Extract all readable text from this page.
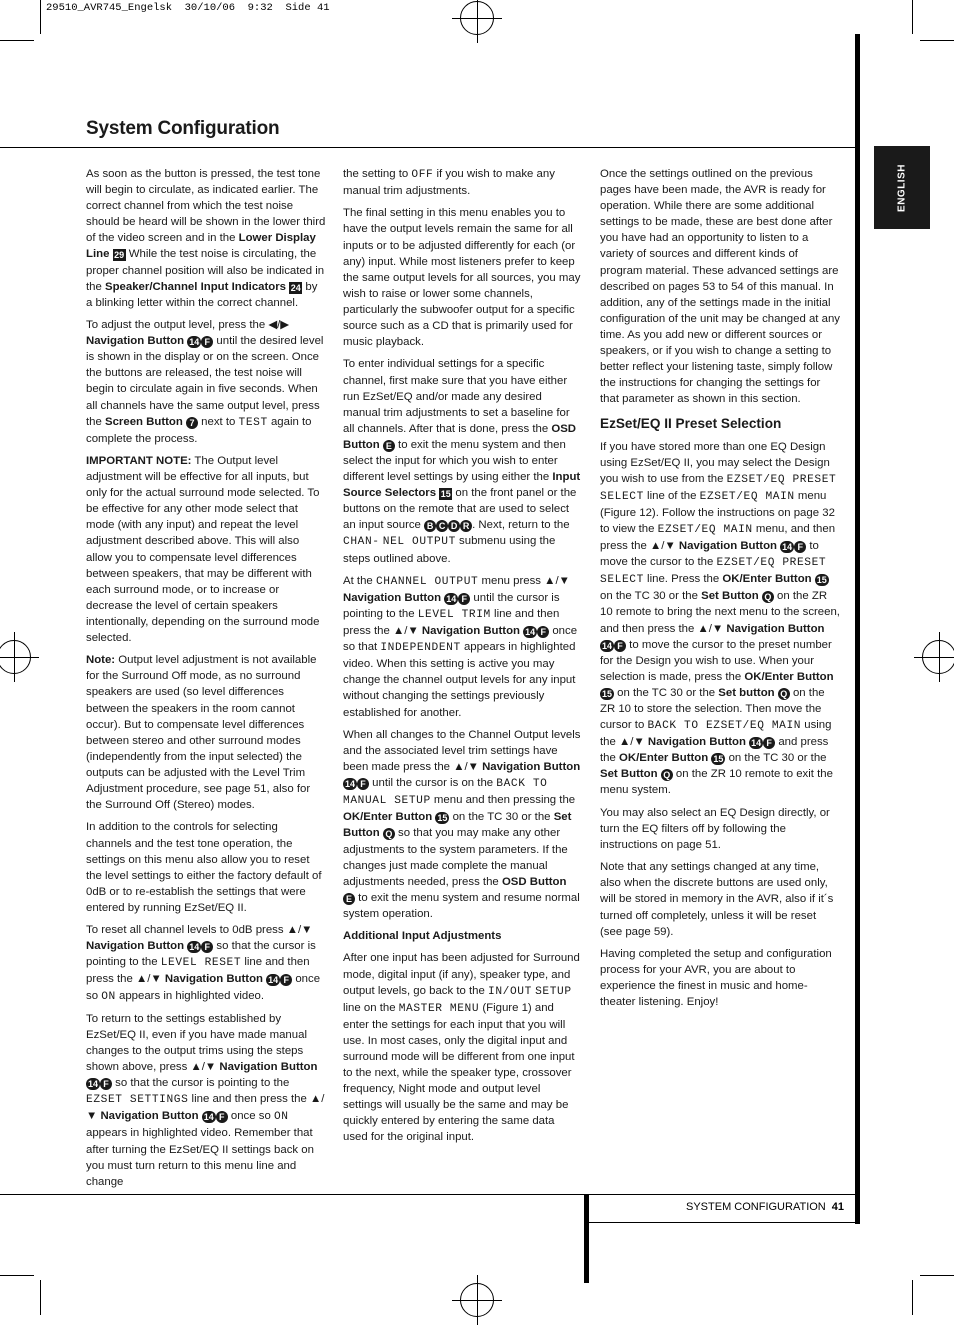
29510_AVR745_Engelsk  30/10/06  9:32  Side 41
System Configuration
ENGLISH
SYSTEM CONFIGURATION 41

As soon as the button is pressed, the test tone will begin to circulate, as indicated earlier. The correct channel from which the test noise should be heard will be shown in the lower third of the video screen and in the Lower Display Line 29 While the test noise is circulating, the proper channel position will also be indicated in the Speaker/Channel Input Indicators 24 by a blinking letter within the correct channel.

To adjust the output level, press the ◀/▶ Navigation Button 14 F until the desired level is shown in the display or on the screen. Once the buttons are released, the test noise will begin to circulate again in five seconds. When all channels have the same output level, press the Screen Button 7 next to TEST again to complete the process.

IMPORTANT NOTE: The Output level adjustment will be effective for all inputs, but only for the actual surround mode selected. To be effective for any other mode select that mode (with any input) and repeat the level adjustment described above. This will also allow you to compensate level differences between speakers, that may be different with each surround mode, or to increase or decrease the level of certain speakers intentionally, depending on the surround mode selected.

Note: Output level adjustment is not available for the Surround Off mode, as no surround speakers are used (so level differences between the speakers in the room cannot occur). But to compensate level differences between stereo and other surround modes (independently from the input selected) the outputs can be adjusted with the Level Trim Adjustment procedure, see page 51, also for the Surround Off (Stereo) modes.

In addition to the controls for selecting channels and the test tone operation, the settings on this menu also allow you to reset the level settings to either the factory default of 0dB or to re-establish the settings that were entered by running EzSet/EQ II.

To reset all channel levels to 0dB press ▲/▼ Navigation Button 14 F so that the cursor is pointing to the LEVEL RESET line and then press the ▲/▼ Navigation Button 14 F once so ON appears in highlighted video.

To return to the settings established by EzSet/EQ II, even if you have made manual changes to the output trims using the steps shown above, press ▲/▼ Navigation Button 14 F so that the cursor is pointing to the EZSET SETTINGS line and then press the ▲/▼ Navigation Button 14 F once so ON appears in highlighted video. Remember that after turning the EzSet/EQ II settings back on you must turn return to this menu line and change

the setting to OFF if you wish to make any manual trim adjustments.

The final setting in this menu enables you to have the output levels remain the same for all inputs or to be adjusted differently for each (or any) input. While most listeners prefer to keep the same output levels for all sources, you may wish to raise or lower some channels, particularly the subwoofer output for a specific source such as a CD that is primarily used for music playback.

To enter individual settings for a specific channel, first make sure that you have either run EzSet/EQ and/or made any desired manual trim adjustments to set a baseline for all channels. After that is done, press the OSD Button E to exit the menu system and then select the input for which you wish to enter different level settings by using either the Input Source Selectors 15 on the front panel or the buttons on the remote that are used to select an input source B C D R . Next, return to the CHAN- NEL OUTPUT submenu using the steps outlined above.

At the CHANNEL OUTPUT menu press ▲/▼ Navigation Button 14 F until the cursor is pointing to the LEVEL TRIM line and then press the ▲/▼ Navigation Button 14 F once so that INDEPENDENT appears in highlighted video. When this setting is active you may change the channel output levels for any input without changing the settings previously established for another.

When all changes to the Channel Output levels and the associated level trim settings have been made press the ▲/▼ Navigation Button 14 F until the cursor is on the BACK TO MANUAL SETUP menu and then pressing the OK/Enter Button 15 on the TC 30 or the Set Button Q so that you may make any other adjustments to the system parameters. If the changes just made complete the manual adjustments needed, press the OSD Button E to exit the menu system and resume normal system operation.

Additional Input Adjustments

After one input has been adjusted for Surround mode, digital input (if any), speaker type, and output levels, go back to the IN/OUT SETUP line on the MASTER MENU (Figure 1) and enter the settings for each input that you will use. In most cases, only the digital input and surround mode will be different from one input to the next, while the speaker type, crossover frequency, Night mode and output level settings will usually be the same and may be quickly entered by entering the same data used for the original input.

Once the settings outlined on the previous pages have been made, the AVR is ready for operation. While there are some additional settings to be made, these are best done after you have had an opportunity to listen to a variety of sources and different kinds of program material. These advanced settings are described on pages 53 to 54 of this manual. In addition, any of the settings made in the initial configuration of the unit may be changed at any time. As you add new or different sources or speakers, or if you wish to change a setting to better reflect your listening taste, simply follow the instructions for changing the settings for that parameter as shown in this section.

EzSet/EQ II Preset Selection

If you have stored more than one EQ Design using EzSet/EQ II, you may select the Design you wish to use from the EZSET/EQ PRESET SELECT line of the EZSET/EQ MAIN menu (Figure 12). Follow the instructions on page 32 to view the EZSET/EQ MAIN menu, and then press the ▲/▼ Navigation Button 14 F to move the cursor to the EZSET/EQ PRESET SELECT line. Press the OK/Enter Button 15 on the TC 30 or the Set Button Q on the ZR 10 remote to bring the next menu to the screen, and then press the ▲/▼ Navigation Button 14 F to move the cursor to the preset number for the Design you wish to use. When your selection is made, press the OK/Enter Button 15 on the TC 30 or the Set button Q on the ZR 10 to store the selection. Then move the cursor to BACK TO EZSET/EQ MAIN using the ▲/▼ Navigation Button 14 F and press the OK/Enter Button 15 on the TC 30 or the Set Button Q on the ZR 10 remote to exit the menu system.

You may also select an EQ Design directly, or turn the EQ filters off by following the instructions on page 51.

Note that any settings changed at any time, also when the discrete buttons are used only, will be stored in memory in the AVR, also if it´s turned off completely, unless it will be reset (see page 59).

Having completed the setup and configuration process for your AVR, you are about to experience the finest in music and home-theater listening. Enjoy!
